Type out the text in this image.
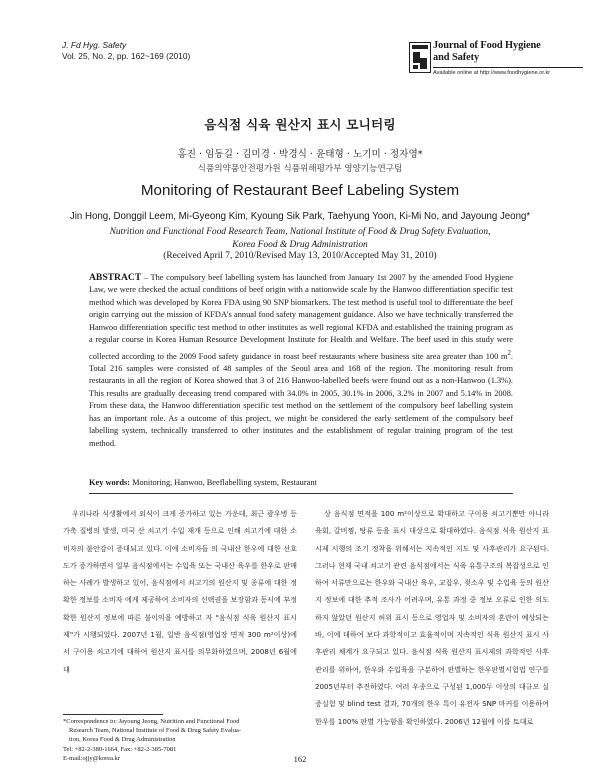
J. Fd Hyg. Safety
Vol. 25, No. 2, pp. 162~169 (2010)
Journal of Food Hygiene
and Safety
Available online at http://www.foodhygiene.or.kr
음식점 식육 원산지 표시 모니터링
홍진 · 임동길 · 김미경 · 박경식 · 윤태형 · 노기미 · 정자영*
식품의약품안전평가원 식품위해평가부 영양기능연구팀
Monitoring of Restaurant Beef Labeling System
Jin Hong, Donggil Leem, Mi-Gyeong Kim, Kyoung Sik Park, Taehyung Yoon, Ki-Mi No, and Jayoung Jeong*
Nutrition and Functional Food Research Team, National Institute of Food & Drug Safety Evaluation,
Korea Food & Drug Administration
(Received April 7, 2010/Revised May 13, 2010/Accepted May 31, 2010)
ABSTRACT – The compulsory beef labelling system has launched from January 1st 2007 by the amended Food Hygiene Law, we were checked the actual conditions of beef origin with a nationwide scale by the Hanwoo differentiation specific test method which was developed by Korea FDA using 90 SNP biomarkers. The test method is useful tool to differentiate the beef origin carrying out the mission of KFDA's annual food safety management guidance. Also we have technically transferred the Hanwoo differentiation specific test method to other institutes as well regional KFDA and established the training program as a regular course in Korea Human Resource Development Institute for Health and Welfare. The beef used in this study were collected according to the 2009 Food safety guidance in roast beef restaurants where business site area greater than 100 $m^2$. Total 216 samples were consisted of 48 samples of the Seoul area and 168 of the region. The monitoring result from restaurants in all the region of Korea showed that 3 of 216 Hanwoo-labelled beefs were found out as a non-Hanwoo (1.3%). This results are gradually deceasing trend compared with 34.0% in 2005, 30.1% in 2006, 3.2% in 2007 and 5.14% in 2008. From these data, the Hanwoo differentiation specific test method on the settlement of the compulsory beef labelling system has an important role. As a outcome of this project, we might be considered the early settlement of the compulsory beef labelling system, technically transferred to other institutes and the establishment of regular training program of the test method.
Key words: Monitoring, Hanwoo, Beeflabelling system, Restaurant

우리나라 식생활에서 외식이 크게 증가하고 있는 가운데, 최근 광우병 등 가축 질병의 발생, 미국 산 쇠고기 수입 재개 등으로 인해 쇠고기에 대한 소비자의 불안감이 증대되고 있다. 이에 소비자들 의 국내산 한우에 대한 선호도가 증가하면서 일부 음식점에서는 수입육 또는 국내산 육우를 한우로 판매하는 사례가 발생하고 있어, 음식점에서 쇠고기의 원산지 및 종류에 대한 정확한 정보를 소비자 에게 제공하여 소비자의 선택권을 보장함과 동시에 부정확한 원산지 정보에 따른 불이익을 예방하고 자 "음식점 식육 원산지 표시제"가 시행되었다. 2007년 1월, 일반 음식점(영업장 면적 300 m²이상)에서 구이용 쇠고기에 대하여 원산지 표시를 의무화하였으며, 2008년 6월에 대

상 음식점 면적을 100 m²이상으로 확대하고 구이용 쇠고기뿐만 아니라 육회, 갈비찜, 탕류 등을 표시 대상으로 확대하였다. 음식점 식육 원산지 표시제 시행의 조기 정착을 위해서는 지속적인 지도 및 사후관리가 요구된다. 그러나 현재 국내 쇠고기 관련 음식점에서는 식육 유통구조의 복잡성으로 인하여 서류만으로는 한우와 국내산 육우, 교잡우, 젖소우 및 수입육 등의 원산지 정보에 대한 추적 조사가 어려우며, 유통 과정 중 정보 오류로 인한 의도하지 않았던 원산지 허위 표시 등으로 영업자 및 소비자의 혼란이 예상되는 바, 이에 대하여 보다 과학적이고 효율적이며 지속적인 식육 원산지 표시 사후관리 체계가 요구되고 있다. 음식점 식육 원산지 표시제의 과학적인 사후 관리를 위하여, 한우와 수입육을 구분하여 판별하는 한우판별시험법 연구를 2005년부터 추진하였다. 여러 우종으로 구성된 1,000두 이상의 대규모 실증실험 및 blind test 결과, 70개의 한우 특이 유전자 SNP 마커를 이용하여 한우를 100% 판별 가능함을 확인하였다. 2006년 12월에 이를 토대로

*Correspondence to: Jayoung Jeong, Nutrition and Functional Food
Research Team, National Institute of Food & Drug Safety Evalua-
tion, Korea Food & Drug Administration
Tel: +82-2-380-1664, Fax: +82-2-385-7081
E-mail:ojjy@korea.kr	162
